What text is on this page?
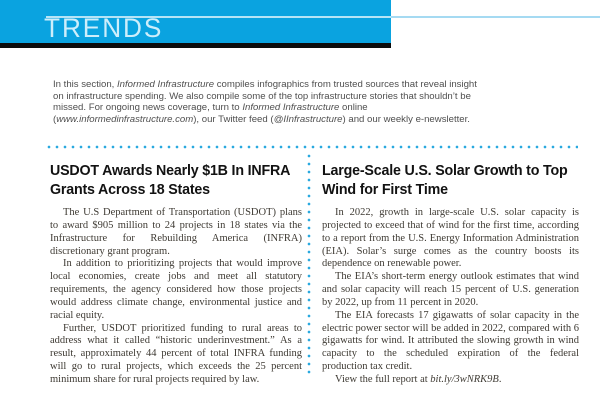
TRENDS

In this section, Informed Infrastructure compiles infographics from trusted sources that reveal insight on infrastructure spending. We also compile some of the top infrastructure stories that shouldn’t be missed. For ongoing news coverage, turn to Informed Infrastructure online (www.informedinfrastructure.com), our Twitter feed (@IInfrastructure) and our weekly e-newsletter.

USDOT Awards Nearly $1B In INFRA Grants Across 18 States

The U.S Department of Transportation (USDOT) plans to award $905 million to 24 projects in 18 states via the Infrastructure for Rebuilding America (INFRA) discretionary grant program.

In addition to prioritizing projects that would improve local economies, create jobs and meet all statutory requirements, the agency considered how those projects would address climate change, environmental justice and racial equity.

Further, USDOT prioritized funding to rural areas to address what it called “historic underinvestment.” As a result, approximately 44 percent of total INFRA funding will go to rural projects, which exceeds the 25 percent minimum share for rural projects required by law.

Large-Scale U.S. Solar Growth to Top Wind for First Time

In 2022, growth in large-scale U.S. solar capacity is projected to exceed that of wind for the first time, according to a report from the U.S. Energy Information Administration (EIA). Solar’s surge comes as the country boosts its dependence on renewable power.

The EIA’s short-term energy outlook estimates that wind and solar capacity will reach 15 percent of U.S. generation by 2022, up from 11 percent in 2020.

The EIA forecasts 17 gigawatts of solar capacity in the electric power sector will be added in 2022, compared with 6 gigawatts for wind. It attributed the slowing growth in wind capacity to the scheduled expiration of the federal production tax credit.

View the full report at bit.ly/3wNRK9B.
